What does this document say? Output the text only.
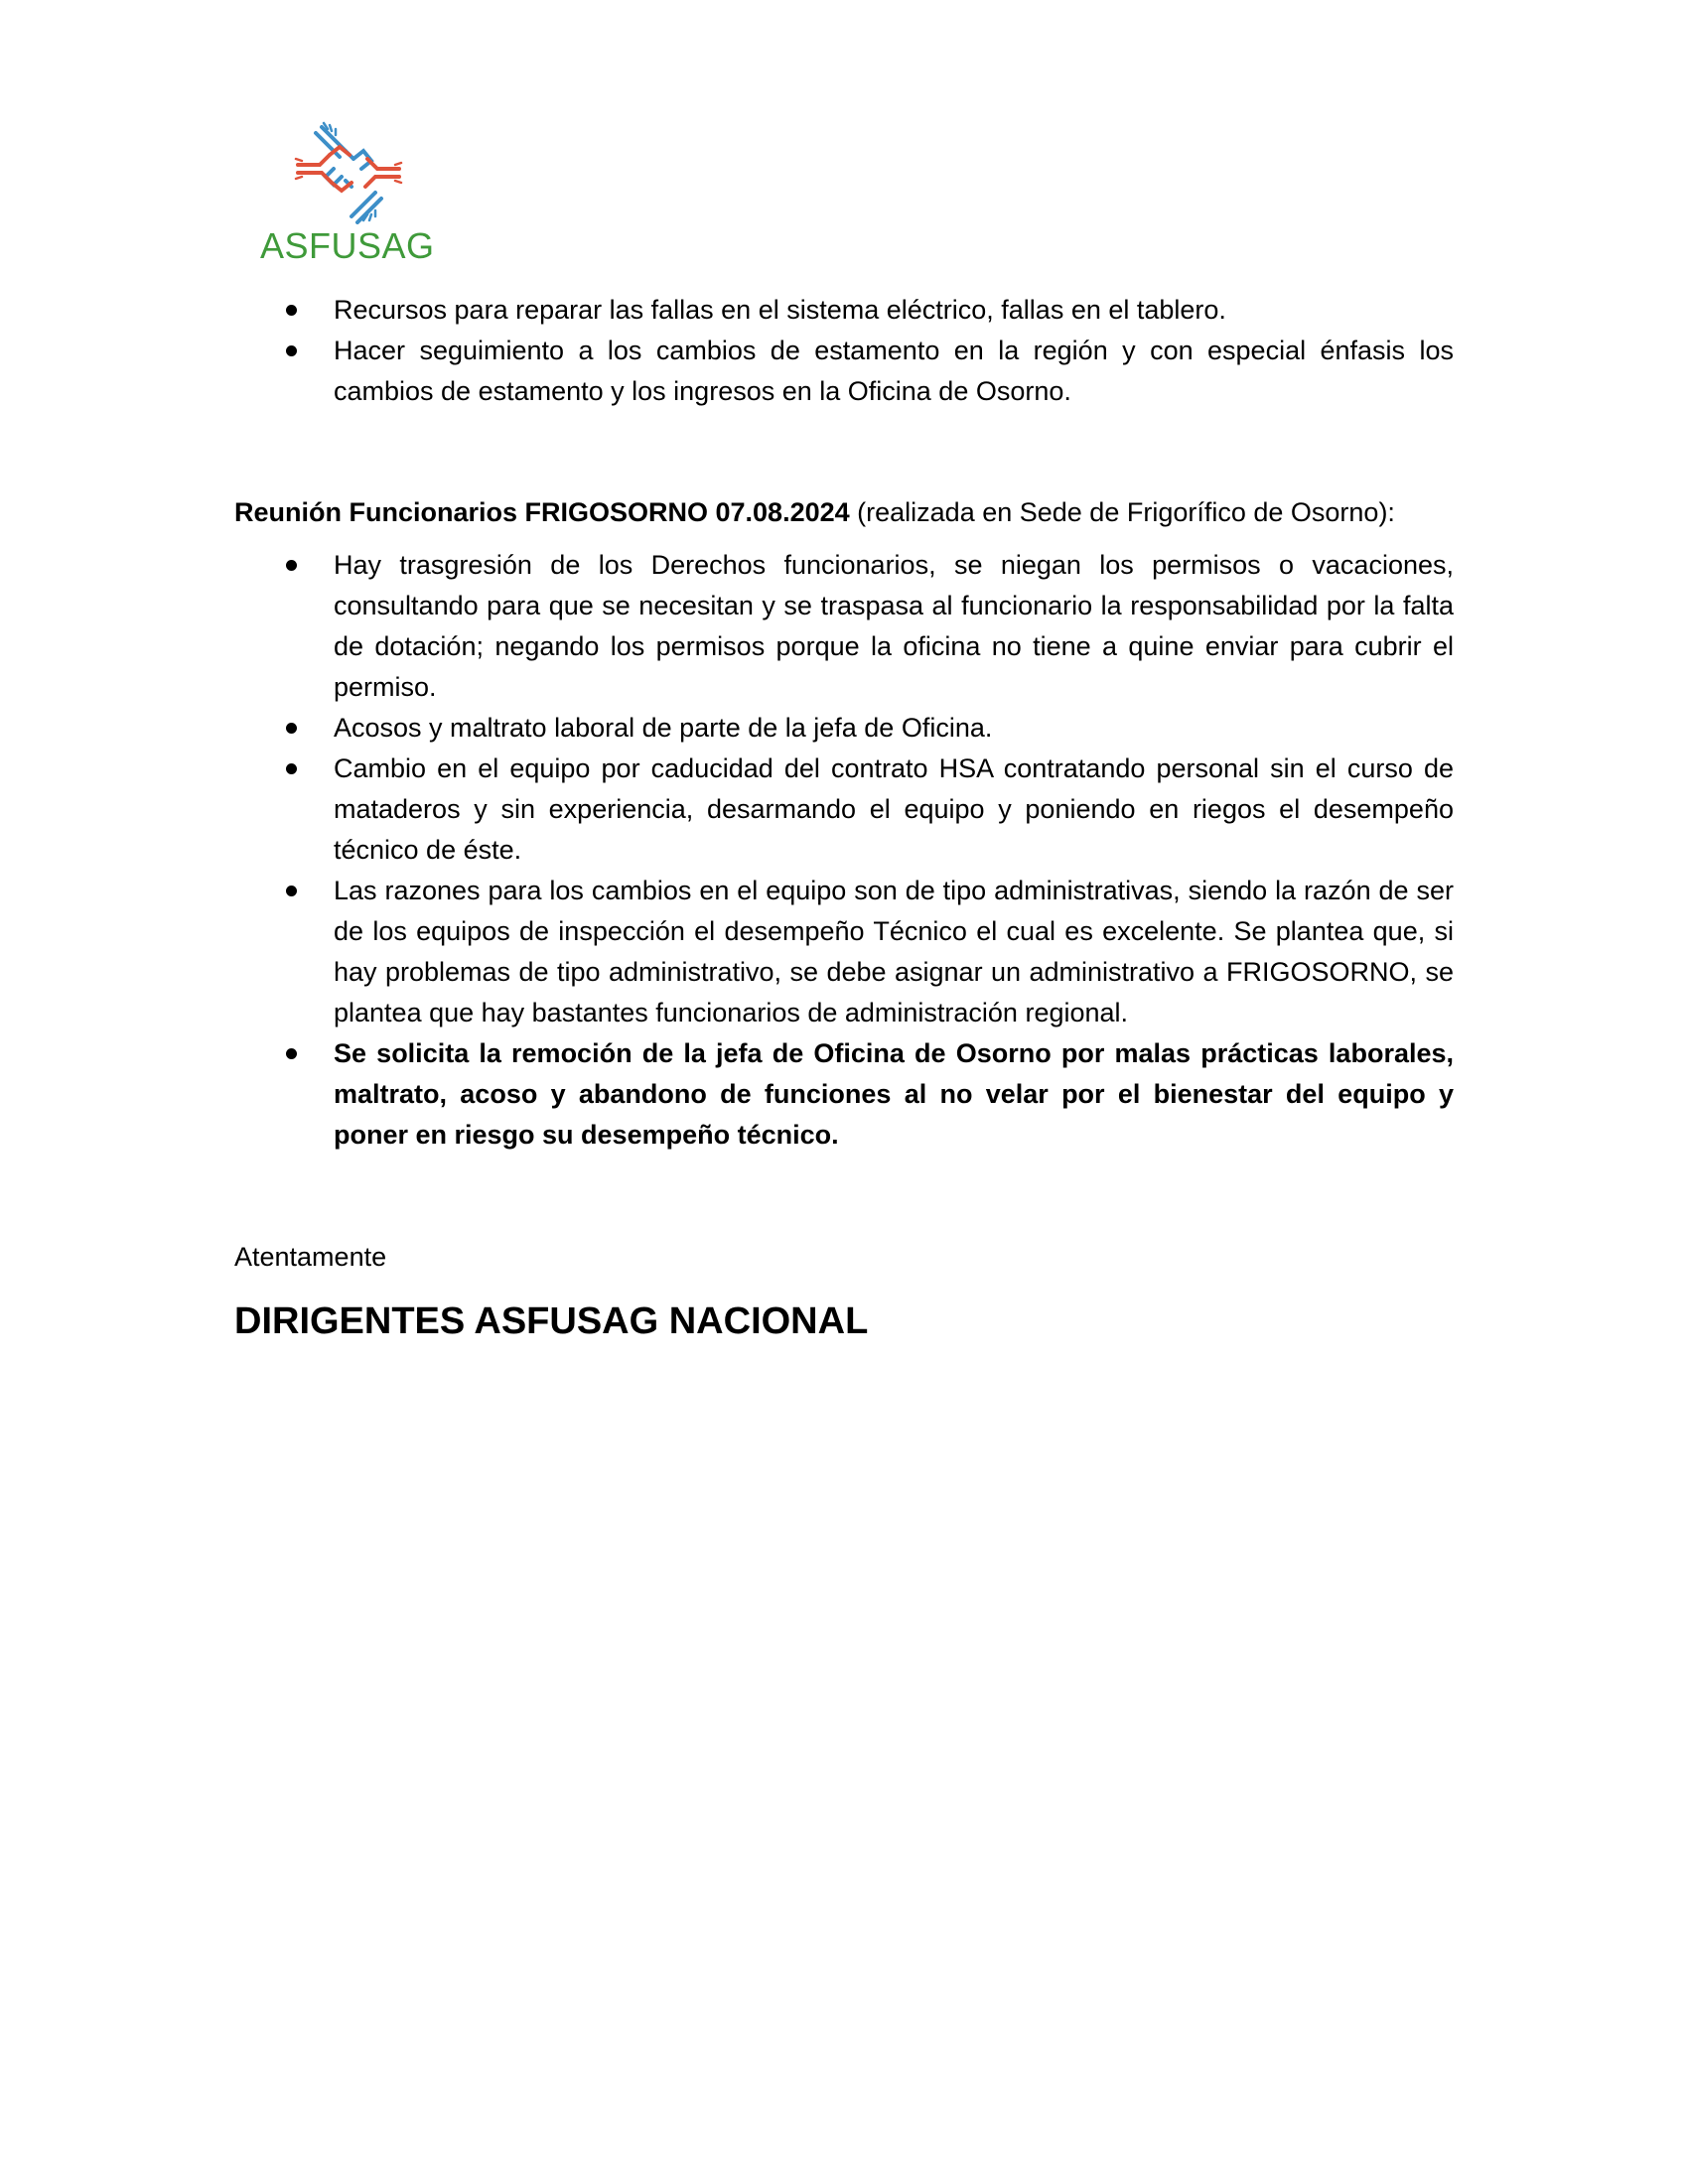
ASFUSAG
Recursos para reparar las fallas en el sistema eléctrico, fallas en el tablero.
Hacer seguimiento a los cambios de estamento en la región y con especial énfasis los cambios de estamento y los ingresos en la Oficina de Osorno.
Reunión Funcionarios FRIGOSORNO 07.08.2024 (realizada en Sede de Frigorífico de Osorno):
Hay trasgresión de los Derechos funcionarios, se niegan los permisos o vacaciones, consultando para que se necesitan y se traspasa al funcionario la responsabilidad por la falta de dotación; negando los permisos porque la oficina no tiene a quine enviar para cubrir el permiso.
Acosos y maltrato laboral de parte de la jefa de Oficina.
Cambio en el equipo por caducidad del contrato HSA contratando personal sin el curso de mataderos y sin experiencia, desarmando el equipo y poniendo en riegos el desempeño técnico de éste.
Las razones para los cambios en el equipo son de tipo administrativas, siendo la razón de ser de los equipos de inspección el desempeño Técnico el cual es excelente. Se plantea que, si hay problemas de tipo administrativo, se debe asignar un administrativo a FRIGOSORNO, se plantea que hay bastantes funcionarios de administración regional.
Se solicita la remoción de la jefa de Oficina de Osorno por malas prácticas laborales, maltrato, acoso y abandono de funciones al no velar por el bienestar del equipo y poner en riesgo su desempeño técnico.
Atentamente
DIRIGENTES ASFUSAG NACIONAL
